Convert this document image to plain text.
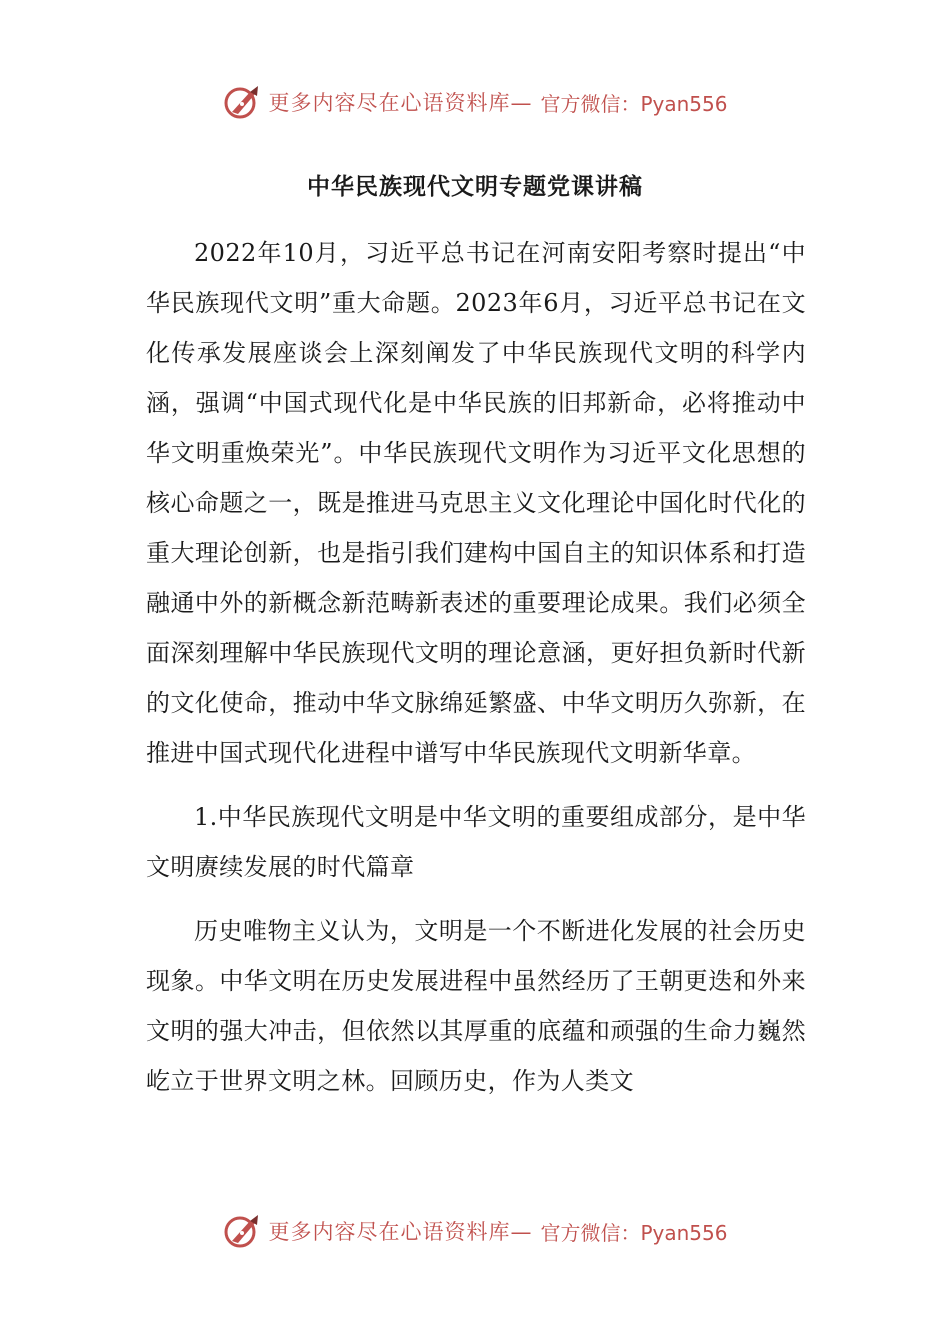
更多内容尽在心语资料库— 官方微信：Pyan556
中华民族现代文明专题党课讲稿

2022年10月，习近平总书记在河南安阳考察时提出“中华民族现代文明”重大命题。2023年6月，习近平总书记在文化传承发展座谈会上深刻阐发了中华民族现代文明的科学内涵，强调“中国式现代化是中华民族的旧邦新命，必将推动中华文明重焕荣光”。中华民族现代文明作为习近平文化思想的核心命题之一，既是推进马克思主义文化理论中国化时代化的重大理论创新，也是指引我们建构中国自主的知识体系和打造融通中外的新概念新范畴新表述的重要理论成果。我们必须全面深刻理解中华民族现代文明的理论意涵，更好担负新时代新的文化使命，推动中华文脉绵延繁盛、中华文明历久弥新，在推进中国式现代化进程中谱写中华民族现代文明新华章。

1.中华民族现代文明是中华文明的重要组成部分，是中华文明赓续发展的时代篇章

历史唯物主义认为，文明是一个不断进化发展的社会历史现象。中华文明在历史发展进程中虽然经历了王朝更迭和外来文明的强大冲击，但依然以其厚重的底蕴和顽强的生命力巍然屹立于世界文明之林。回顾历史，作为人类文

更多内容尽在心语资料库— 官方微信：Pyan556
